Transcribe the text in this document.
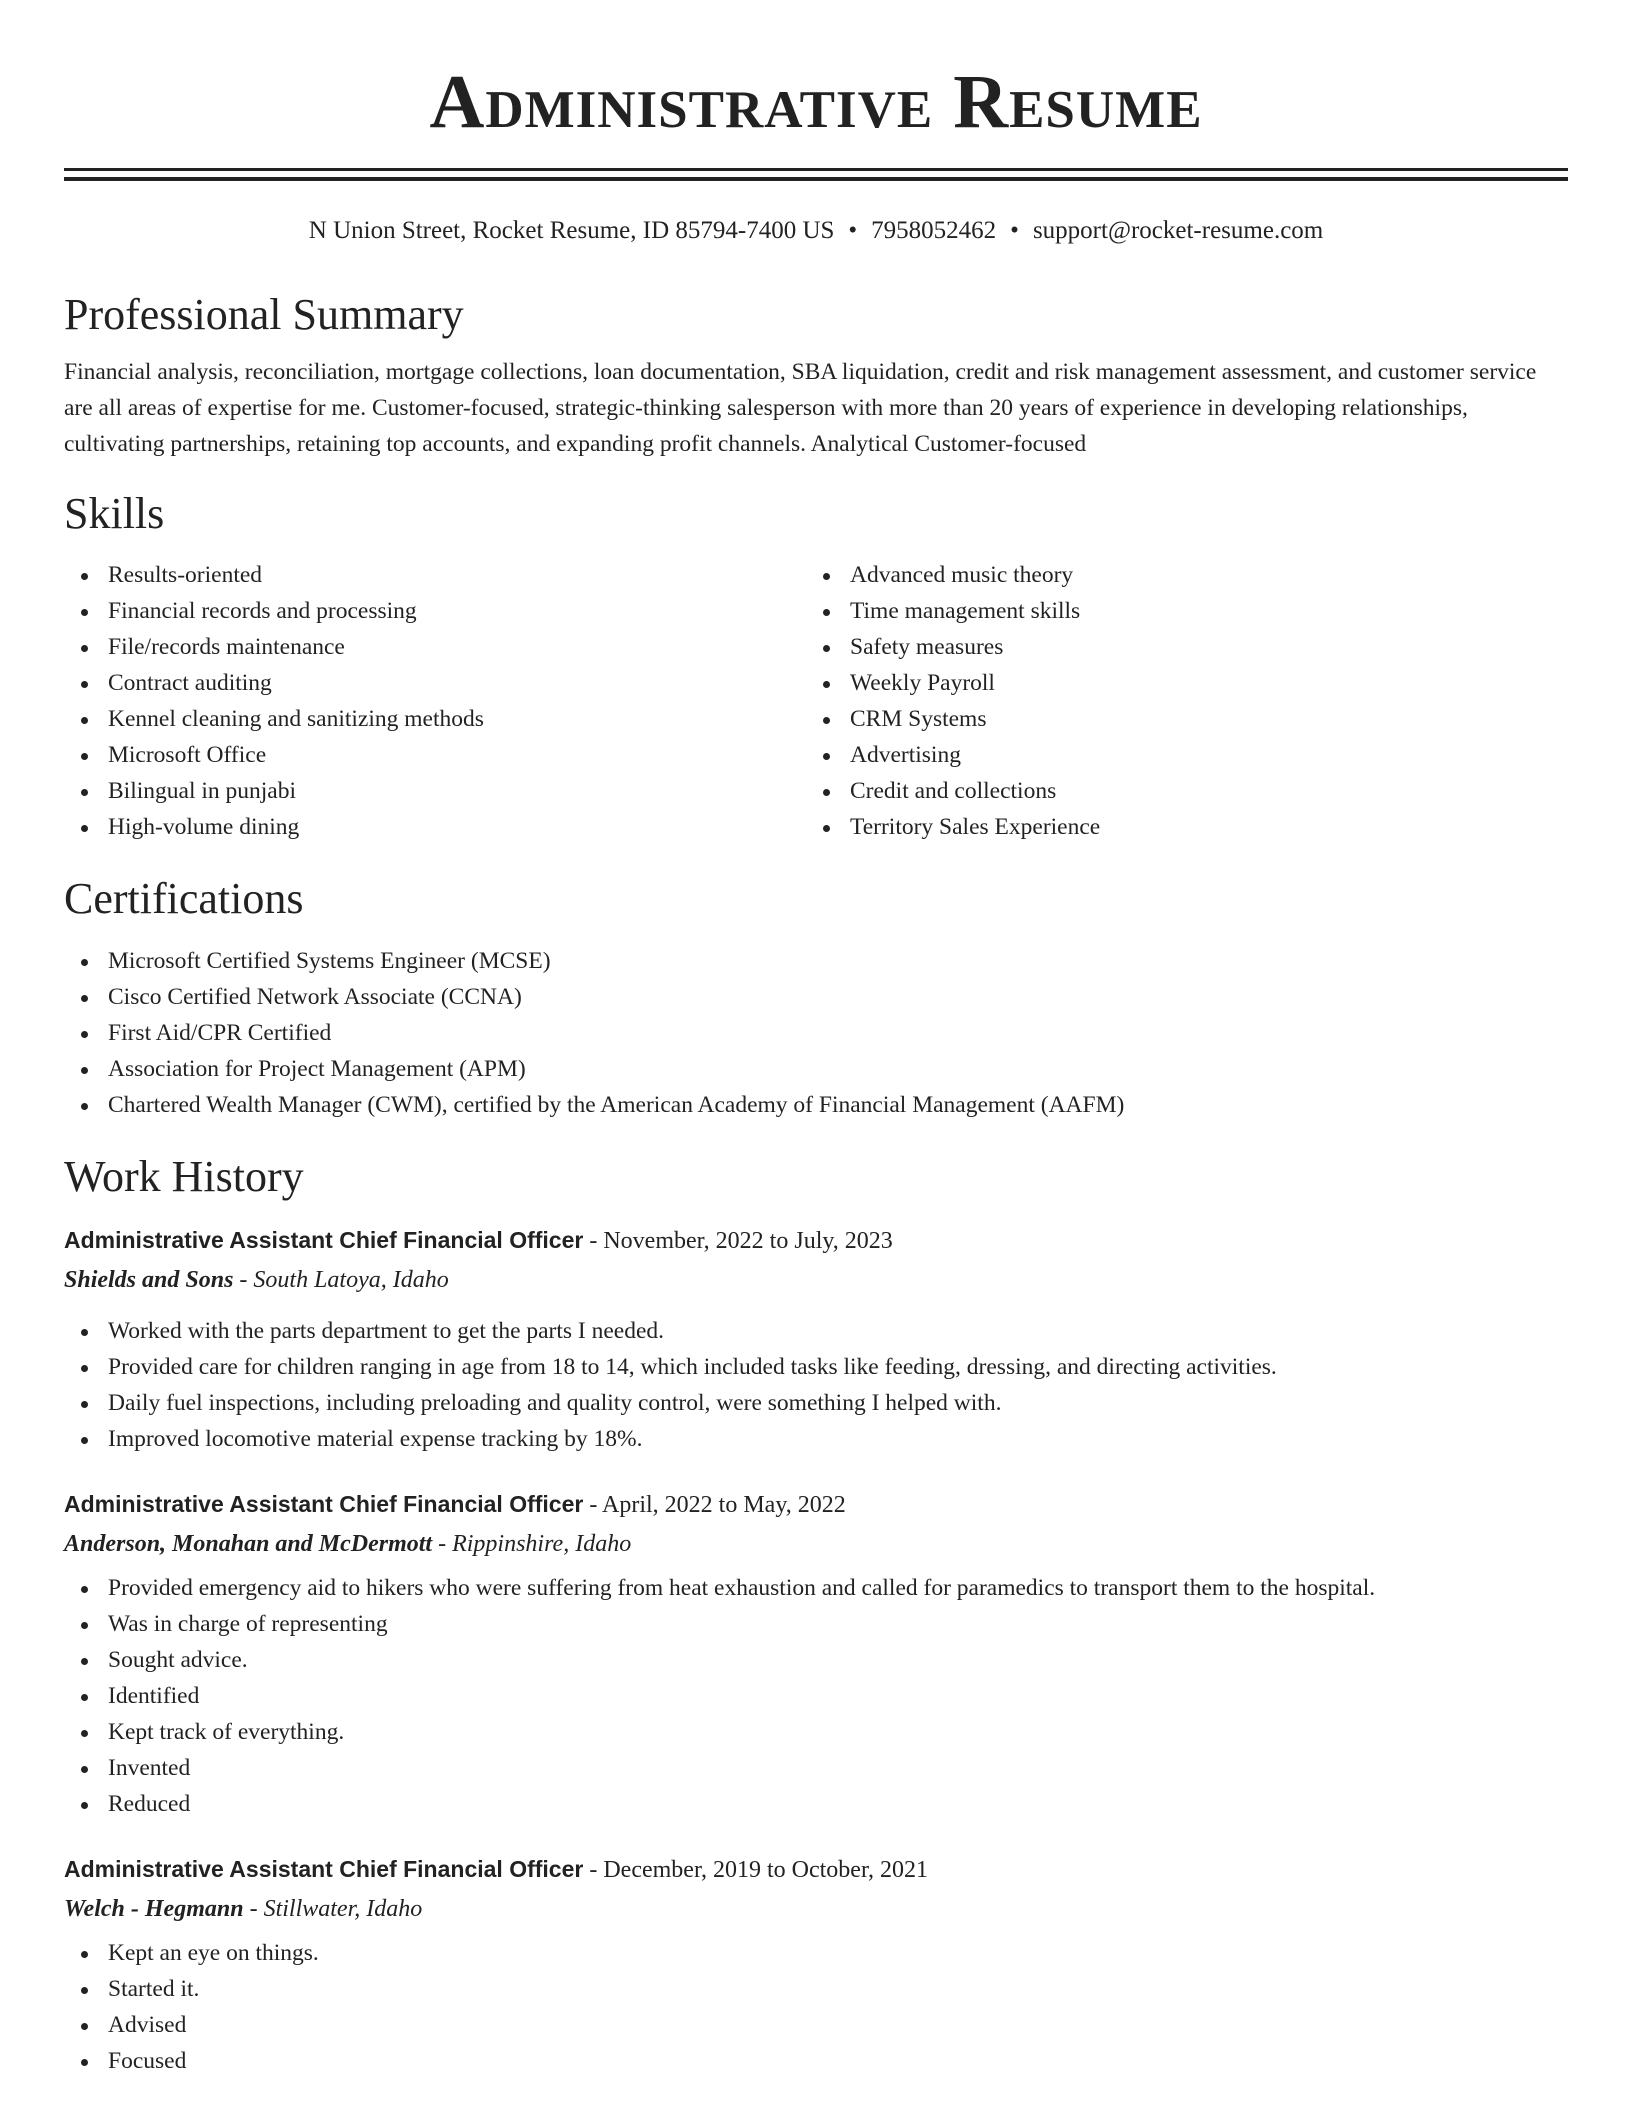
Administrative Resume
N Union Street, Rocket Resume, ID 85794-7400 US • 7958052462 • support@rocket-resume.com
Professional Summary

Financial analysis, reconciliation, mortgage collections, loan documentation, SBA liquidation, credit and risk management assessment, and customer service are all areas of expertise for me. Customer-focused, strategic-thinking salesperson with more than 20 years of experience in developing relationships, cultivating partnerships, retaining top accounts, and expanding profit channels. Analytical Customer-focused

Skills
Results-oriented
Financial records and processing
File/records maintenance
Contract auditing
Kennel cleaning and sanitizing methods
Microsoft Office
Bilingual in punjabi
High-volume dining
Advanced music theory
Time management skills
Safety measures
Weekly Payroll
CRM Systems
Advertising
Credit and collections
Territory Sales Experience
Certifications
Microsoft Certified Systems Engineer (MCSE)
Cisco Certified Network Associate (CCNA)
First Aid/CPR Certified
Association for Project Management (APM)
Chartered Wealth Manager (CWM), certified by the American Academy of Financial Management (AAFM)
Work History
Administrative Assistant Chief Financial Officer - November, 2022 to July, 2023
Shields and Sons - South Latoya, Idaho
Worked with the parts department to get the parts I needed.
Provided care for children ranging in age from 18 to 14, which included tasks like feeding, dressing, and directing activities.
Daily fuel inspections, including preloading and quality control, were something I helped with.
Improved locomotive material expense tracking by 18%.
Administrative Assistant Chief Financial Officer - April, 2022 to May, 2022
Anderson, Monahan and McDermott - Rippinshire, Idaho
Provided emergency aid to hikers who were suffering from heat exhaustion and called for paramedics to transport them to the hospital.
Was in charge of representing
Sought advice.
Identified
Kept track of everything.
Invented
Reduced
Administrative Assistant Chief Financial Officer - December, 2019 to October, 2021
Welch - Hegmann - Stillwater, Idaho
Kept an eye on things.
Started it.
Advised
Focused
